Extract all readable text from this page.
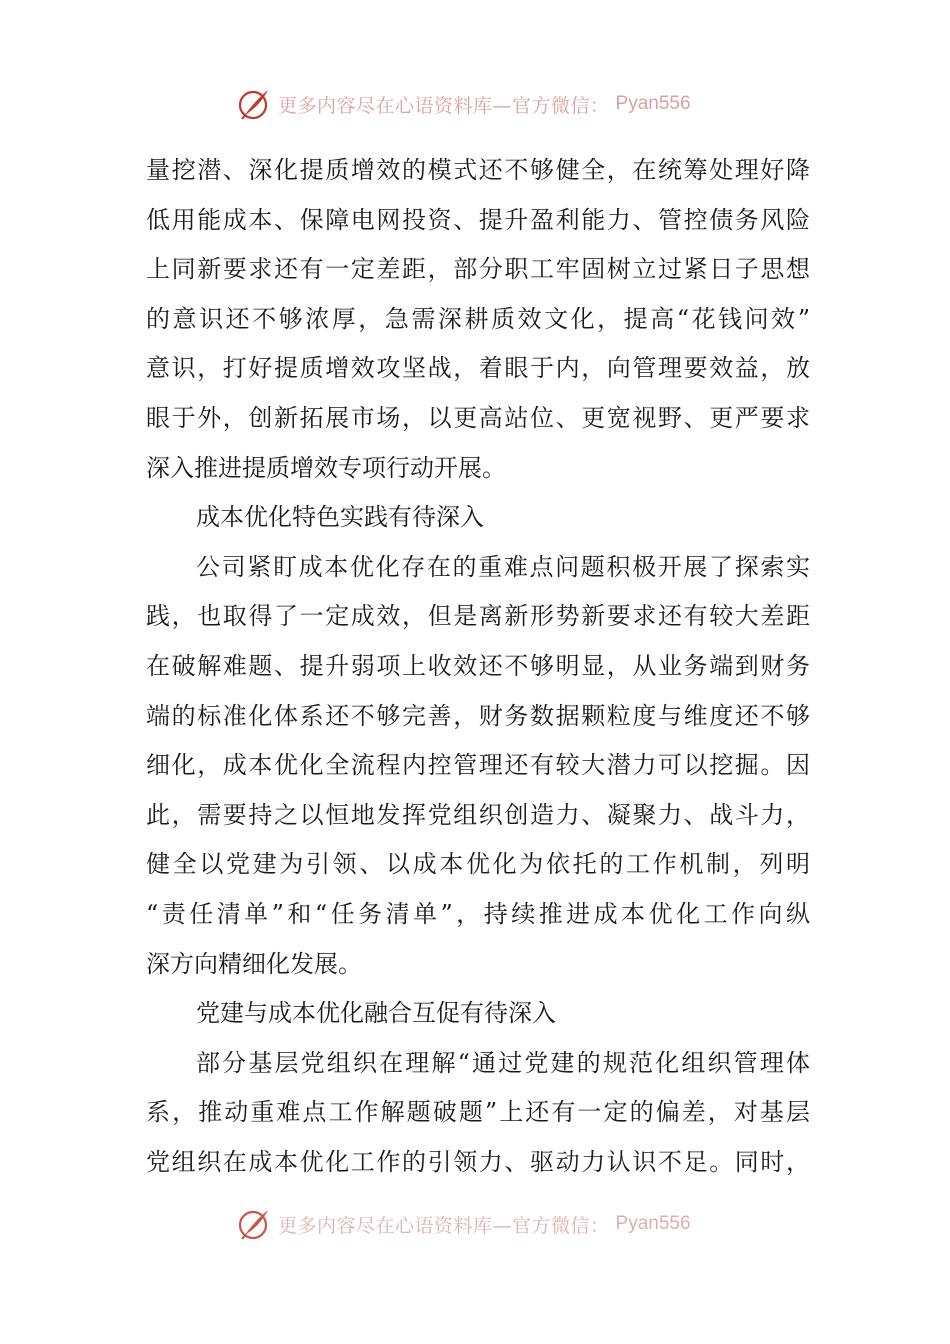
更多内容尽在心语资料库—官方微信： Pyan556
量挖潜、深化提质增效的模式还不够健全，在统筹处理好降
低用能成本、保障电网投资、提升盈利能力、管控债务风险
上同新要求还有一定差距，部分职工牢固树立过紧日子思想
的意识还不够浓厚，急需深耕质效文化，提高“花钱问效”
意识，打好提质增效攻坚战，着眼于内，向管理要效益，放
眼于外，创新拓展市场，以更高站位、更宽视野、更严要求
深入推进提质增效专项行动开展。
成本优化特色实践有待深入
公司紧盯成本优化存在的重难点问题积极开展了探索实
践，也取得了一定成效，但是离新形势新要求还有较大差距
在破解难题、提升弱项上收效还不够明显，从业务端到财务
端的标准化体系还不够完善，财务数据颗粒度与维度还不够
细化，成本优化全流程内控管理还有较大潜力可以挖掘。因
此，需要持之以恒地发挥党组织创造力、凝聚力、战斗力，
健全以党建为引领、以成本优化为依托的工作机制，列明
“责任清单”和“任务清单”，持续推进成本优化工作向纵
深方向精细化发展。
党建与成本优化融合互促有待深入
部分基层党组织在理解“通过党建的规范化组织管理体
系，推动重难点工作解题破题”上还有一定的偏差，对基层
党组织在成本优化工作的引领力、驱动力认识不足。同时，
更多内容尽在心语资料库—官方微信： Pyan556
